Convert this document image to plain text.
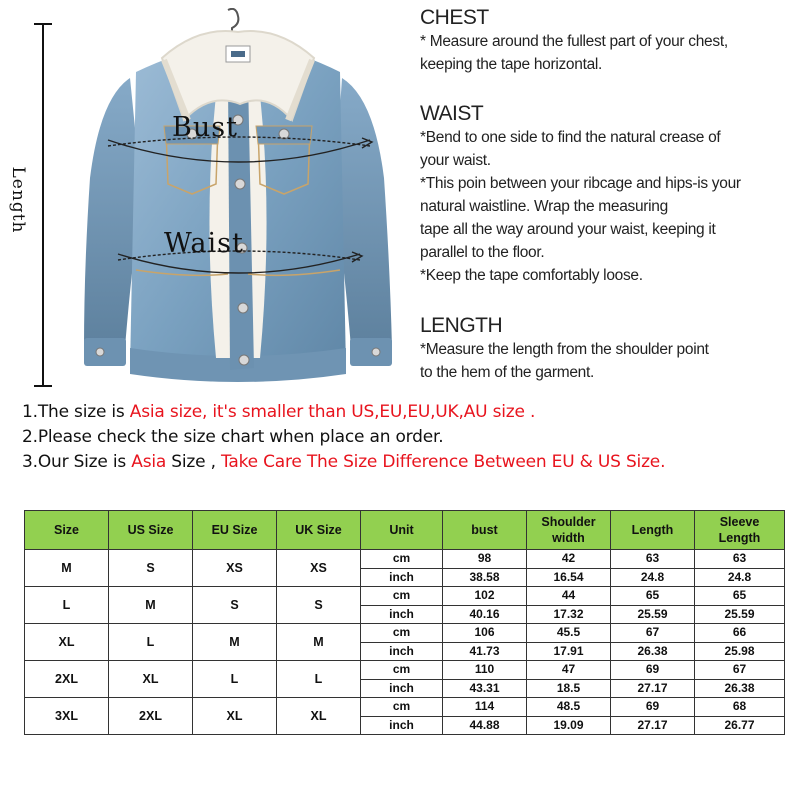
Length
Bust
Waist
CHEST
* Measure around the fullest part of your chest,
keeping the tape horizontal.
WAIST
*Bend to one side to find the natural crease of
your waist.
*This poin between your ribcage and hips-is your
natural waistline. Wrap the measuring
tape all the way around your waist, keeping it
parallel to the floor.
*Keep the tape comfortably loose.
LENGTH
*Measure the length from the shoulder point
to the hem of the garment.
1.The size is Asia size, it's smaller than US,EU,EU,UK,AU size .
2.Please check the size chart when place an order.
3.Our Size is Asia Size , Take Care The Size Difference Between EU & US Size.
Size	US Size	EU Size	UK Size	Unit	bust	Shoulder
width	Length	Sleeve
Length
M	S	XS	XS	cm	98	42	63	63
				inch	38.58	16.54	24.8	24.8
L	M	S	S	cm	102	44	65	65
				inch	40.16	17.32	25.59	25.59
XL	L	M	M	cm	106	45.5	67	66
				inch	41.73	17.91	26.38	25.98
2XL	XL	L	L	cm	110	47	69	67
				inch	43.31	18.5	27.17	26.38
3XL	2XL	XL	XL	cm	114	48.5	69	68
				inch	44.88	19.09	27.17	26.77
